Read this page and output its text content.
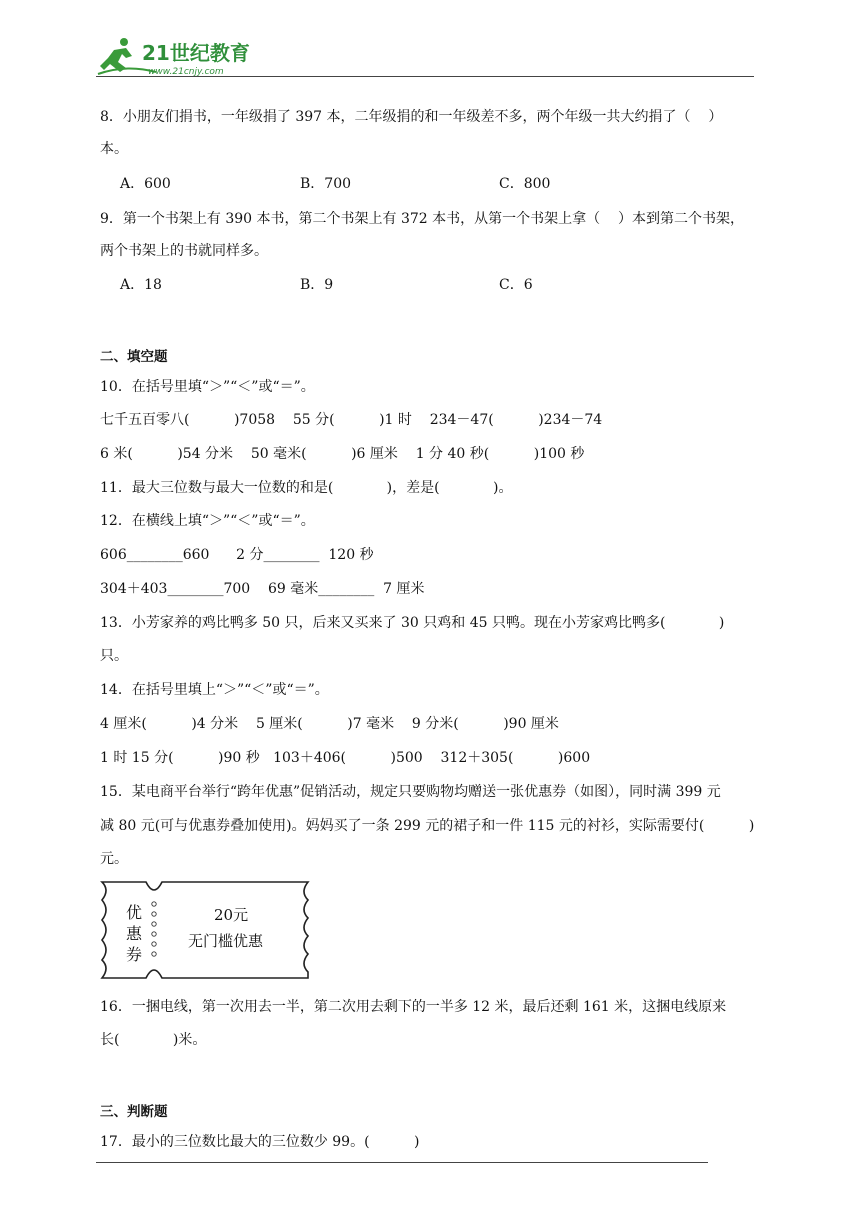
21世纪教育
www.21cnjy.com
8．小朋友们捐书，一年级捐了 397 本，二年级捐的和一年级差不多，两个年级一共大约捐了（    ）
本。
A．600	B．700	C．800
9．第一个书架上有 390 本书，第二个书架上有 372 本书，从第一个书架上拿（    ）本到第二个书架，
两个书架上的书就同样多。
A．18	B．9	C．6
二、填空题
10．在括号里填“＞”“＜”或“＝”。
七千五百零八(          )7058    55 分(          )1 时    234－47(          )234－74
6 米(          )54 分米    50 毫米(          )6 厘米    1 分 40 秒(          )100 秒
11．最大三位数与最大一位数的和是(            )，差是(            )。
12．在横线上填“＞”“＜”或“＝”。
606________660      2 分________  120 秒
304＋403________700    69 毫米________  7 厘米
13．小芳家养的鸡比鸭多 50 只，后来又买来了 30 只鸡和 45 只鸭。现在小芳家鸡比鸭多(            )
只。
14．在括号里填上“＞”“＜”或“＝”。
4 厘米(          )4 分米    5 厘米(          )7 毫米    9 分米(          )90 厘米
1 时 15 分(          )90 秒   103＋406(          )500    312＋305(          )600
15．某电商平台举行“跨年优惠”促销活动，规定只要购物均赠送一张优惠券（如图），同时满 399 元
减 80 元(可与优惠券叠加使用)。妈妈买了一条 299 元的裙子和一件 115 元的衬衫，实际需要付(          )
元。
优
惠
券
20元
无门槛优惠
16．一捆电线，第一次用去一半，第二次用去剩下的一半多 12 米，最后还剩 161 米，这捆电线原来
长(            )米。
三、判断题
17．最小的三位数比最大的三位数少 99。(          )
